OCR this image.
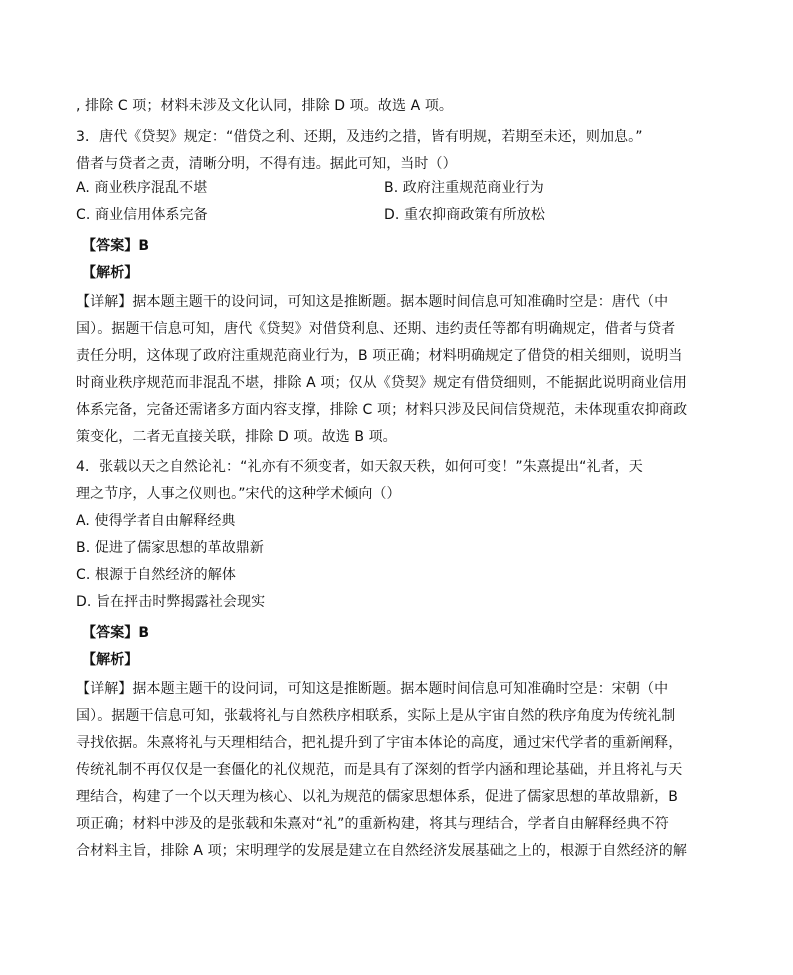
, 排除 C 项；材料未涉及文化认同，排除 D 项。故选 A 项。
3．唐代《贷契》规定：“借贷之利、还期，及违约之措，皆有明规，若期至未还，则加息。”
借者与贷者之责，清晰分明，不得有违。据此可知，当时（）
A. 商业秩序混乱不堪	B. 政府注重规范商业行为
C. 商业信用体系完备	D. 重农抑商政策有所放松
【答案】B
【解析】
【详解】据本题主题干的设问词，可知这是推断题。据本题时间信息可知准确时空是：唐代（中
国）。据题干信息可知，唐代《贷契》对借贷利息、还期、违约责任等都有明确规定，借者与贷者
责任分明，这体现了政府注重规范商业行为，B 项正确；材料明确规定了借贷的相关细则，说明当
时商业秩序规范而非混乱不堪，排除 A 项；仅从《贷契》规定有借贷细则，不能据此说明商业信用
体系完备，完备还需诸多方面内容支撑，排除 C 项；材料只涉及民间信贷规范，未体现重农抑商政
策变化，二者无直接关联，排除 D 项。故选 B 项。
4．张载以天之自然论礼：“礼亦有不须变者，如天叙天秩，如何可变！”朱熹提出“礼者，天
理之节序，人事之仪则也。”宋代的这种学术倾向（）
A. 使得学者自由解释经典
B. 促进了儒家思想的革故鼎新
C. 根源于自然经济的解体
D. 旨在抨击时弊揭露社会现实
【答案】B
【解析】
【详解】据本题主题干的设问词，可知这是推断题。据本题时间信息可知准确时空是：宋朝（中
国）。据题干信息可知，张载将礼与自然秩序相联系，实际上是从宇宙自然的秩序角度为传统礼制
寻找依据。朱熹将礼与天理相结合，把礼提升到了宇宙本体论的高度，通过宋代学者的重新阐释，
传统礼制不再仅仅是一套僵化的礼仪规范，而是具有了深刻的哲学内涵和理论基础，并且将礼与天
理结合，构建了一个以天理为核心、以礼为规范的儒家思想体系，促进了儒家思想的革故鼎新，B
项正确；材料中涉及的是张载和朱熹对“礼”的重新构建，将其与理结合，学者自由解释经典不符
合材料主旨，排除 A 项；宋明理学的发展是建立在自然经济发展基础之上的，根源于自然经济的解
